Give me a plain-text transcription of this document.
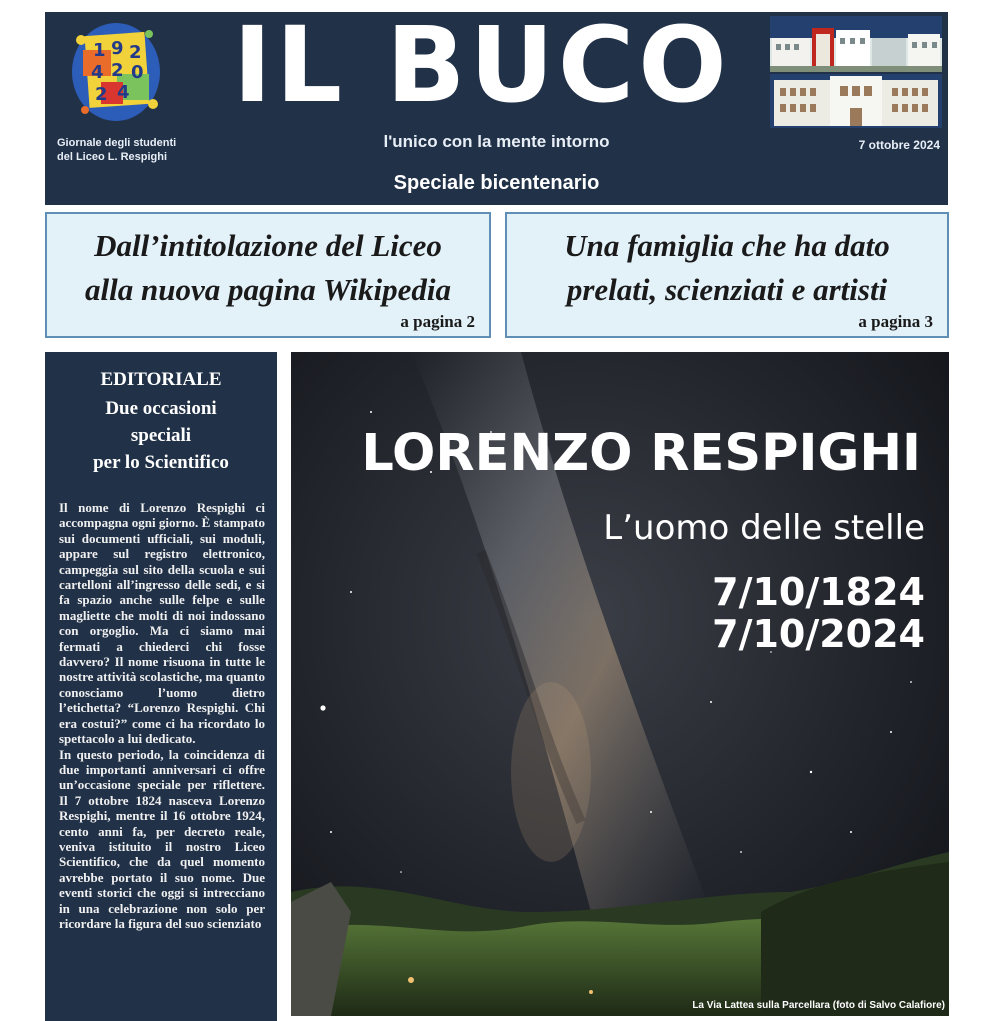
1 9 2
4 2 0
2 4 IL BUCO
Giornale degli studenti
del Liceo L. Respighi
l'unico con la mente intorno	7 ottobre 2024
Speciale bicentenario
Dall’intitolazione del Liceo
alla nuova pagina Wikipedia
a pagina 2
Una famiglia che ha dato
prelati, scienziati e artisti
a pagina 3
EDITORIALE
Due occasioni
speciali
per lo Scientifico

Il nome di Lorenzo Respighi ci accompagna ogni giorno. È stampato sui documenti ufficiali, sui moduli, appare sul registro elettronico, campeggia sul sito della scuola e sui cartelloni all’ingresso delle sedi, e si fa spazio anche sulle felpe e sulle magliette che molti di noi indossano con orgoglio. Ma ci siamo mai fermati a chiederci chi fosse davvero? Il nome risuona in tutte le nostre attività scolastiche, ma quanto conosciamo l’uomo dietro l’etichetta? “Lorenzo Respighi. Chi era costui?” come ci ha ricordato lo spettacolo a lui dedicato.

In questo periodo, la coincidenza di due importanti anniversari ci offre un’occasione speciale per riflettere. Il 7 ottobre 1824 nasceva Lorenzo Respighi, mentre il 16 ottobre 1924, cento anni fa, per decreto reale, veniva istituito il nostro Liceo Scientifico, che da quel momento avrebbe portato il suo nome. Due eventi storici che oggi si intrecciano in una celebrazione non solo per ricordare la figura del suo scienziato

LORENZO RESPIGHI
L’uomo delle stelle
7/10/1824
7/10/2024
La Via Lattea sulla Parcellara (foto di Salvo Calafiore)
